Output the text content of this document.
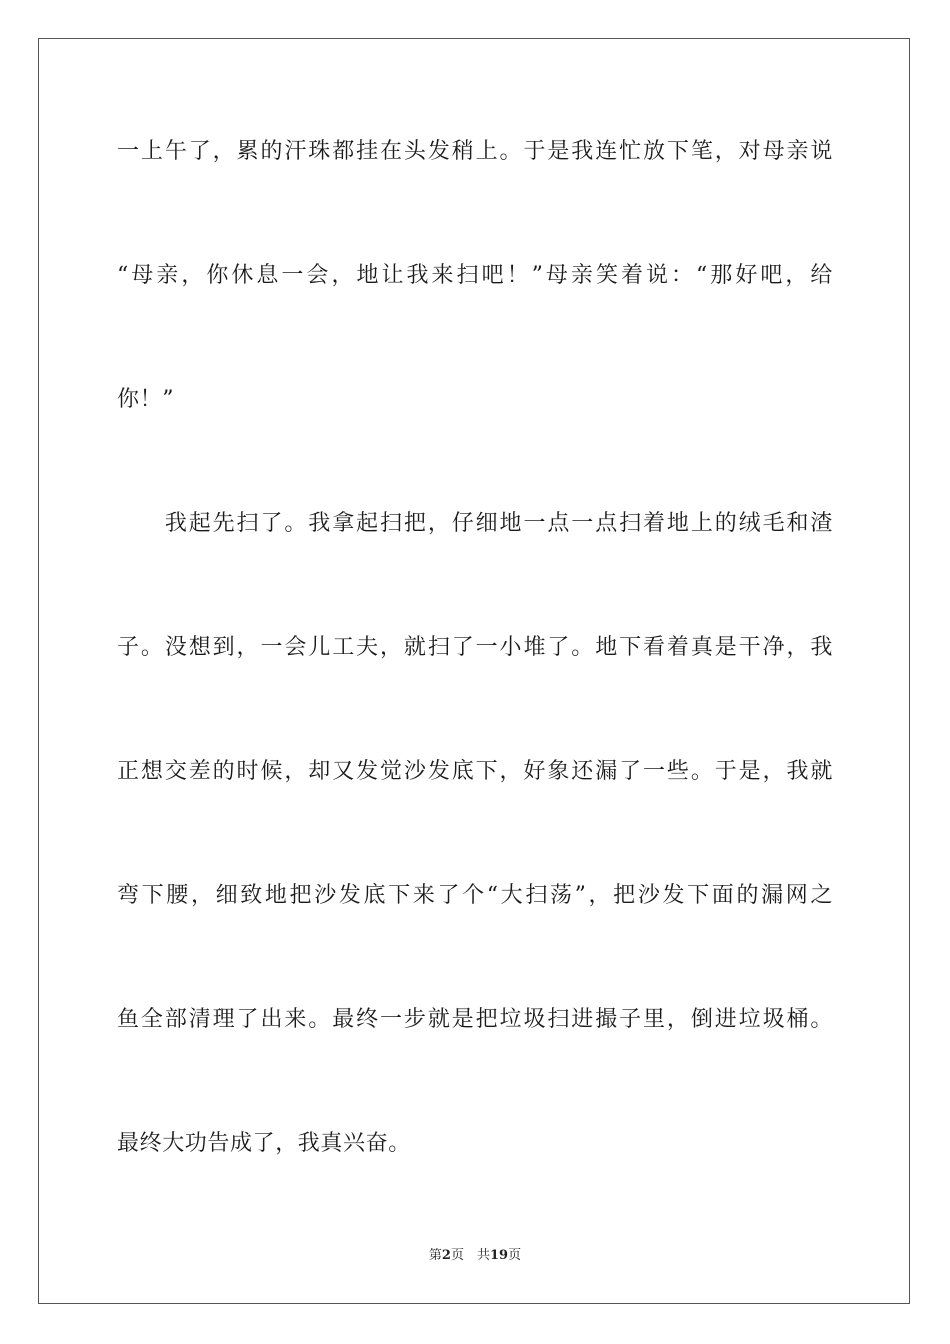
一上午了，累的汗珠都挂在头发稍上。于是我连忙放下笔，对母亲说
“母亲，你休息一会，地让我来扫吧！”母亲笑着说：“那好吧，给
你！”
　　我起先扫了。我拿起扫把，仔细地一点一点扫着地上的绒毛和渣
子。没想到，一会儿工夫，就扫了一小堆了。地下看着真是干净，我
正想交差的时候，却又发觉沙发底下，好象还漏了一些。于是，我就
弯下腰，细致地把沙发底下来了个“大扫荡”，把沙发下面的漏网之
鱼全部清理了出来。最终一步就是把垃圾扫进撮子里，倒进垃圾桶。
最终大功告成了，我真兴奋。
第2页　共19页
